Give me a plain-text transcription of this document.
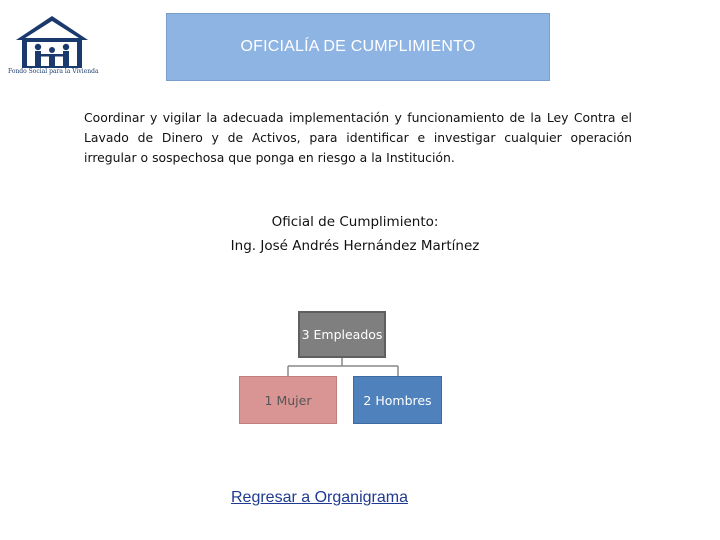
Fondo Social para la Vivienda
OFICIALÍA DE CUMPLIMIENTO
Coordinar y vigilar la adecuada implementación y funcionamiento de la Ley Contra el Lavado de Dinero y de Activos, para identificar e investigar cualquier operación irregular o sospechosa que ponga en riesgo a la Institución.
Oficial de Cumplimiento:
Ing. José Andrés Hernández Martínez
3 Empleados
1 Mujer	2 Hombres
Regresar a Organigrama
